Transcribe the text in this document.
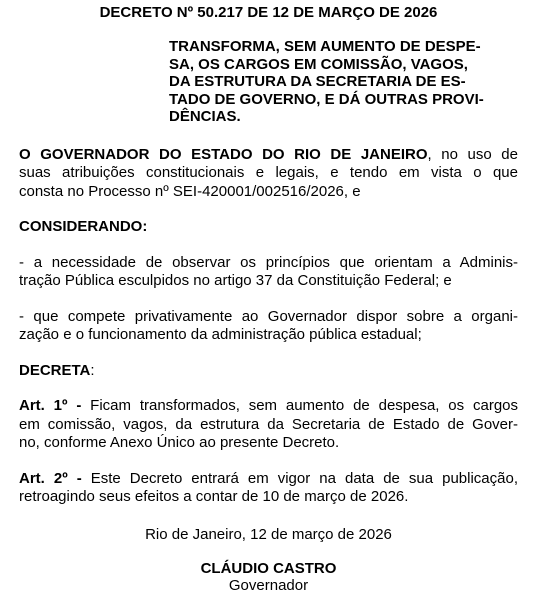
DECRETO Nº 50.217 DE 12 DE MARÇO DE 2026

TRANSFORMA, SEM AUMENTO DE DESPE-
SA, OS CARGOS EM COMISSÃO, VAGOS,
DA ESTRUTURA DA SECRETARIA DE ES-
TADO DE GOVERNO, E DÁ OUTRAS PROVI-
DÊNCIAS.
O GOVERNADOR DO ESTADO DO RIO DE JANEIRO, no uso de
suas atribuições constitucionais e legais, e tendo em vista o que
consta no Processo nº SEI-420001/002516/2026, e
CONSIDERANDO:
- a necessidade de observar os princípios que orientam a Adminis-
tração Pública esculpidos no artigo 37 da Constituição Federal; e
- que compete privativamente ao Governador dispor sobre a organi-
zação e o funcionamento da administração pública estadual;
DECRETA:
Art. 1º - Ficam transformados, sem aumento de despesa, os cargos
em comissão, vagos, da estrutura da Secretaria de Estado de Gover-
no, conforme Anexo Único ao presente Decreto.
Art. 2º - Este Decreto entrará em vigor na data de sua publicação,
retroagindo seus efeitos a contar de 10 de março de 2026.
Rio de Janeiro, 12 de março de 2026
CLÁUDIO CASTRO
Governador
